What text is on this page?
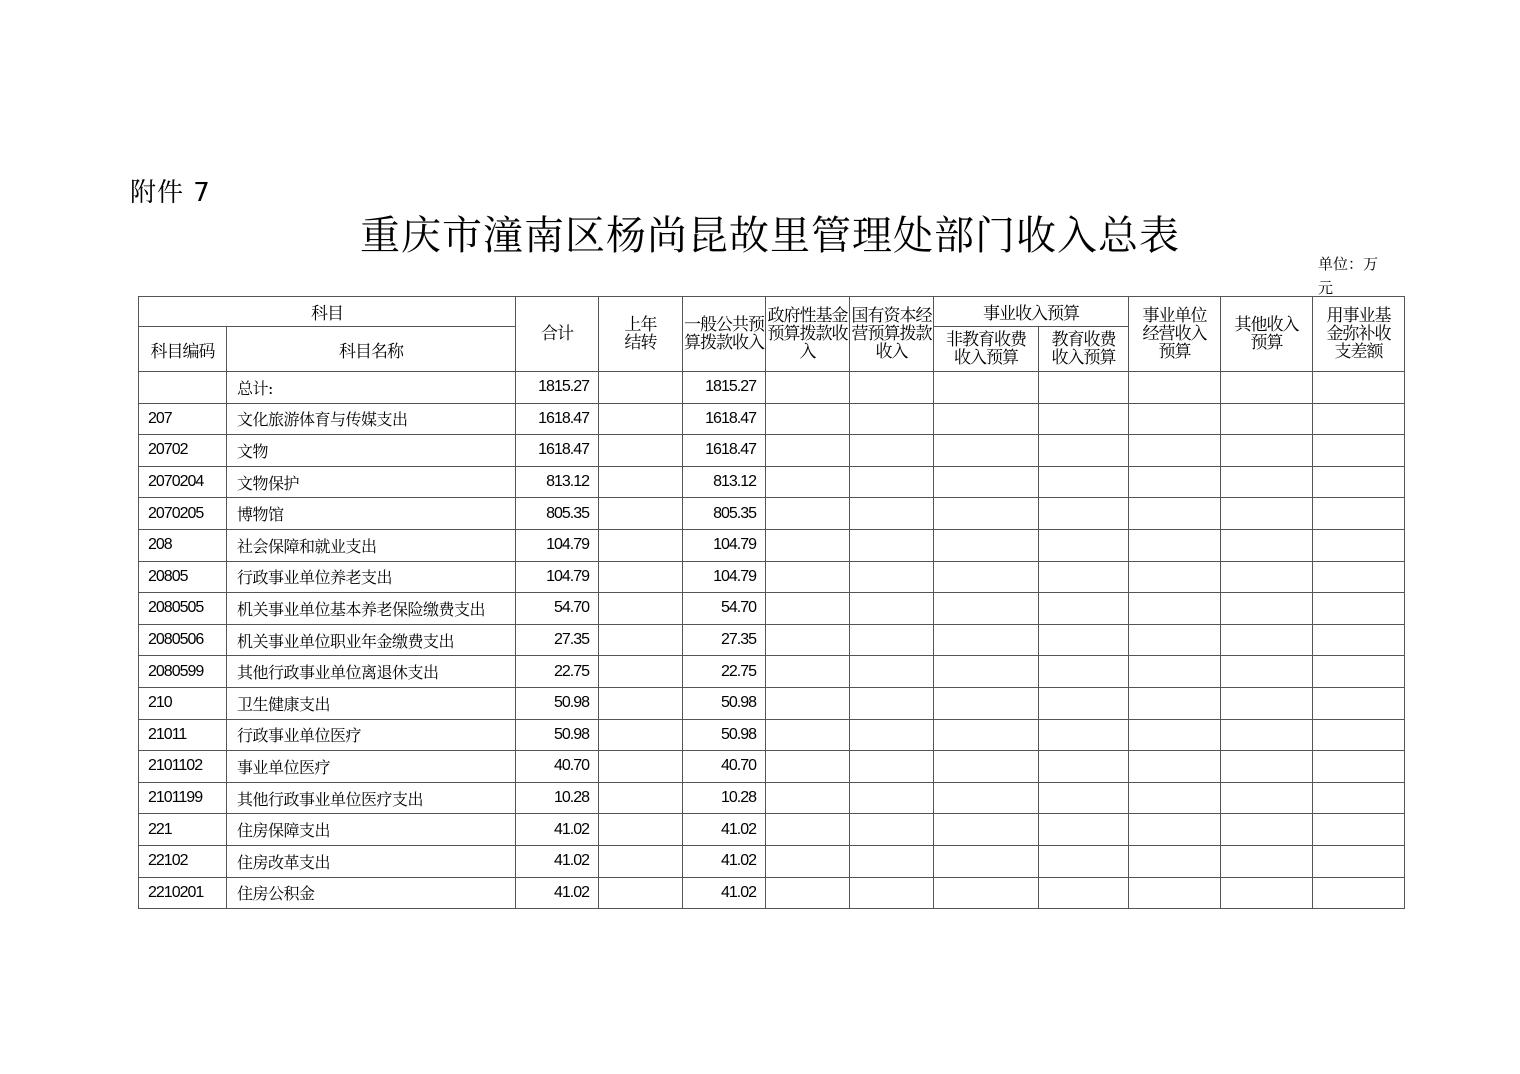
附件 7
重庆市潼南区杨尚昆故里管理处部门收入总表
单位：万元
科目		合计	上年结转	一般公共预算拨款收入	政府性基金预算拨款收入	国有资本经营预算拨款收入	事业收入预算		事业单位经营收入预算	其他收入预算	用事业基金弥补收支差额
科目编码	科目名称						非教育收费收入预算	教育收费收入预算			
	总计:	1815.27		1815.27							
207	文化旅游体育与传媒支出	1618.47		1618.47							
20702	文物	1618.47		1618.47							
2070204	文物保护	813.12		813.12							
2070205	博物馆	805.35		805.35							
208	社会保障和就业支出	104.79		104.79							
20805	行政事业单位养老支出	104.79		104.79							
2080505	机关事业单位基本养老保险缴费支出	54.70		54.70							
2080506	机关事业单位职业年金缴费支出	27.35		27.35							
2080599	其他行政事业单位离退休支出	22.75		22.75							
210	卫生健康支出	50.98		50.98							
21011	行政事业单位医疗	50.98		50.98							
2101102	事业单位医疗	40.70		40.70							
2101199	其他行政事业单位医疗支出	10.28		10.28							
221	住房保障支出	41.02		41.02							
22102	住房改革支出	41.02		41.02							
2210201	住房公积金	41.02		41.02							
